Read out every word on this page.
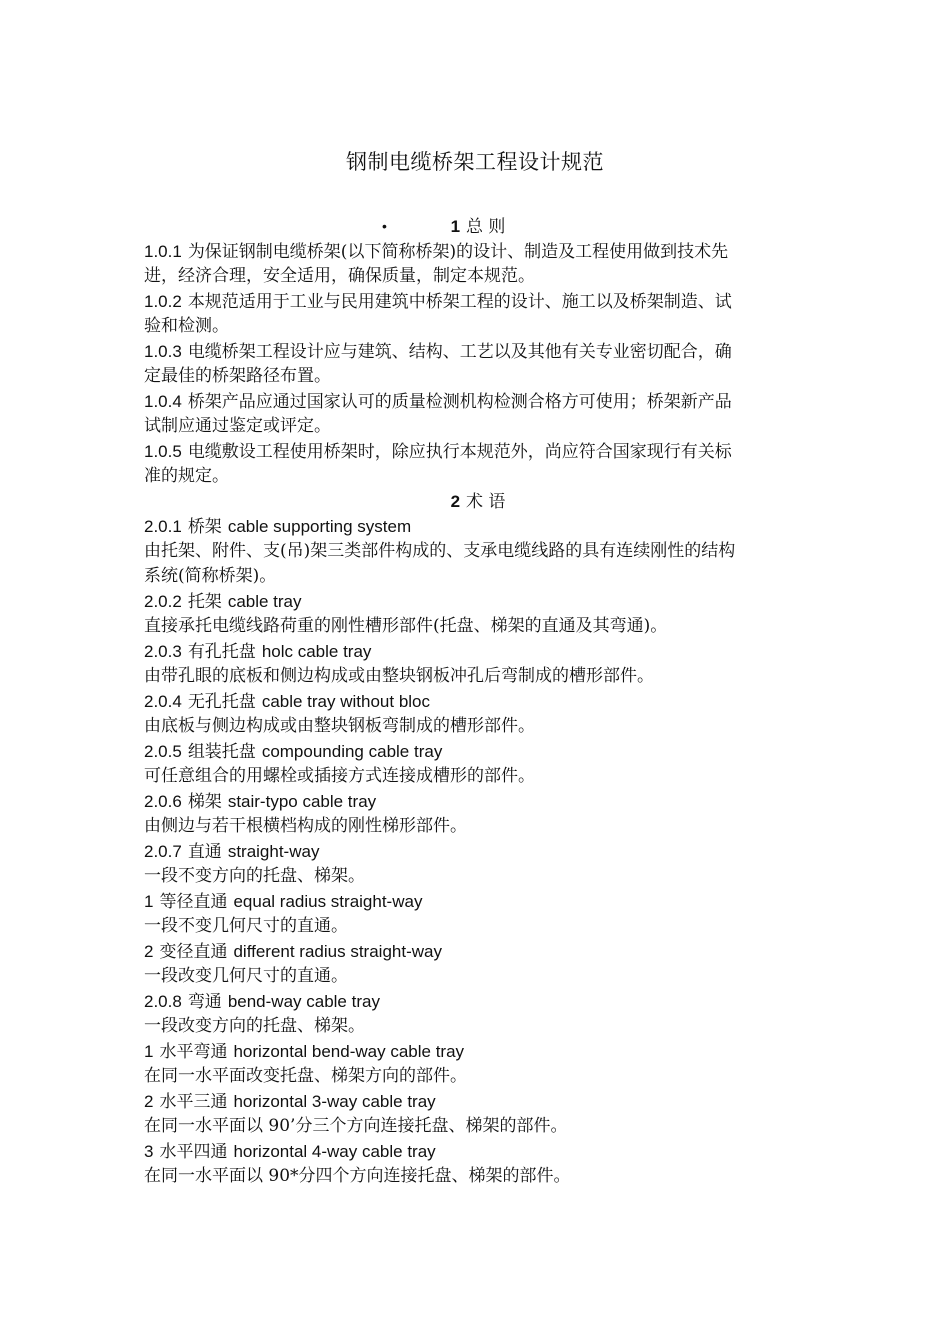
钢制电缆桥架工程设计规范
•	1 总 则
1.0.1 为保证钢制电缆桥架(以下简称桥架)的设计、制造及工程使用做到技术先
进，经济合理，安全适用，确保质量，制定本规范。
1.0.2 本规范适用于工业与民用建筑中桥架工程的设计、施工以及桥架制造、试
验和检测。
1.0.3 电缆桥架工程设计应与建筑、结构、工艺以及其他有关专业密切配合，确
定最佳的桥架路径布置。
1.0.4 桥架产品应通过国家认可的质量检测机构检测合格方可使用；桥架新产品
试制应通过鉴定或评定。
1.0.5 电缆敷设工程使用桥架时，除应执行本规范外，尚应符合国家现行有关标
准的规定。
2 术 语
2.0.1 桥架 cable supporting system
由托架、附件、支(吊)架三类部件构成的、支承电缆线路的具有连续刚性的结构
系统(简称桥架)。
2.0.2 托架 cable tray
直接承托电缆线路荷重的刚性槽形部件(托盘、梯架的直通及其弯通)。
2.0.3 有孔托盘 holc cable tray
由带孔眼的底板和侧边构成或由整块钢板冲孔后弯制成的槽形部件。
2.0.4 无孔托盘 cable tray without bloc
由底板与侧边构成或由整块钢板弯制成的槽形部件。
2.0.5 组装托盘 compounding cable tray
可任意组合的用螺栓或插接方式连接成槽形的部件。
2.0.6 梯架 stair-typo cable tray
由侧边与若干根横档构成的刚性梯形部件。
2.0.7 直通 straight-way
一段不变方向的托盘、梯架。
1 等径直通 equal radius straight-way
一段不变几何尺寸的直通。
2 变径直通 different radius straight-way
一段改变几何尺寸的直通。
2.0.8 弯通 bend-way cable tray
一段改变方向的托盘、梯架。
1 水平弯通 horizontal bend-way cable tray
在同一水平面改变托盘、梯架方向的部件。
2 水平三通 horizontal 3-way cable tray
在同一水平面以 90’分三个方向连接托盘、梯架的部件。
3 水平四通 horizontal 4-way cable tray
在同一水平面以 90*分四个方向连接托盘、梯架的部件。
